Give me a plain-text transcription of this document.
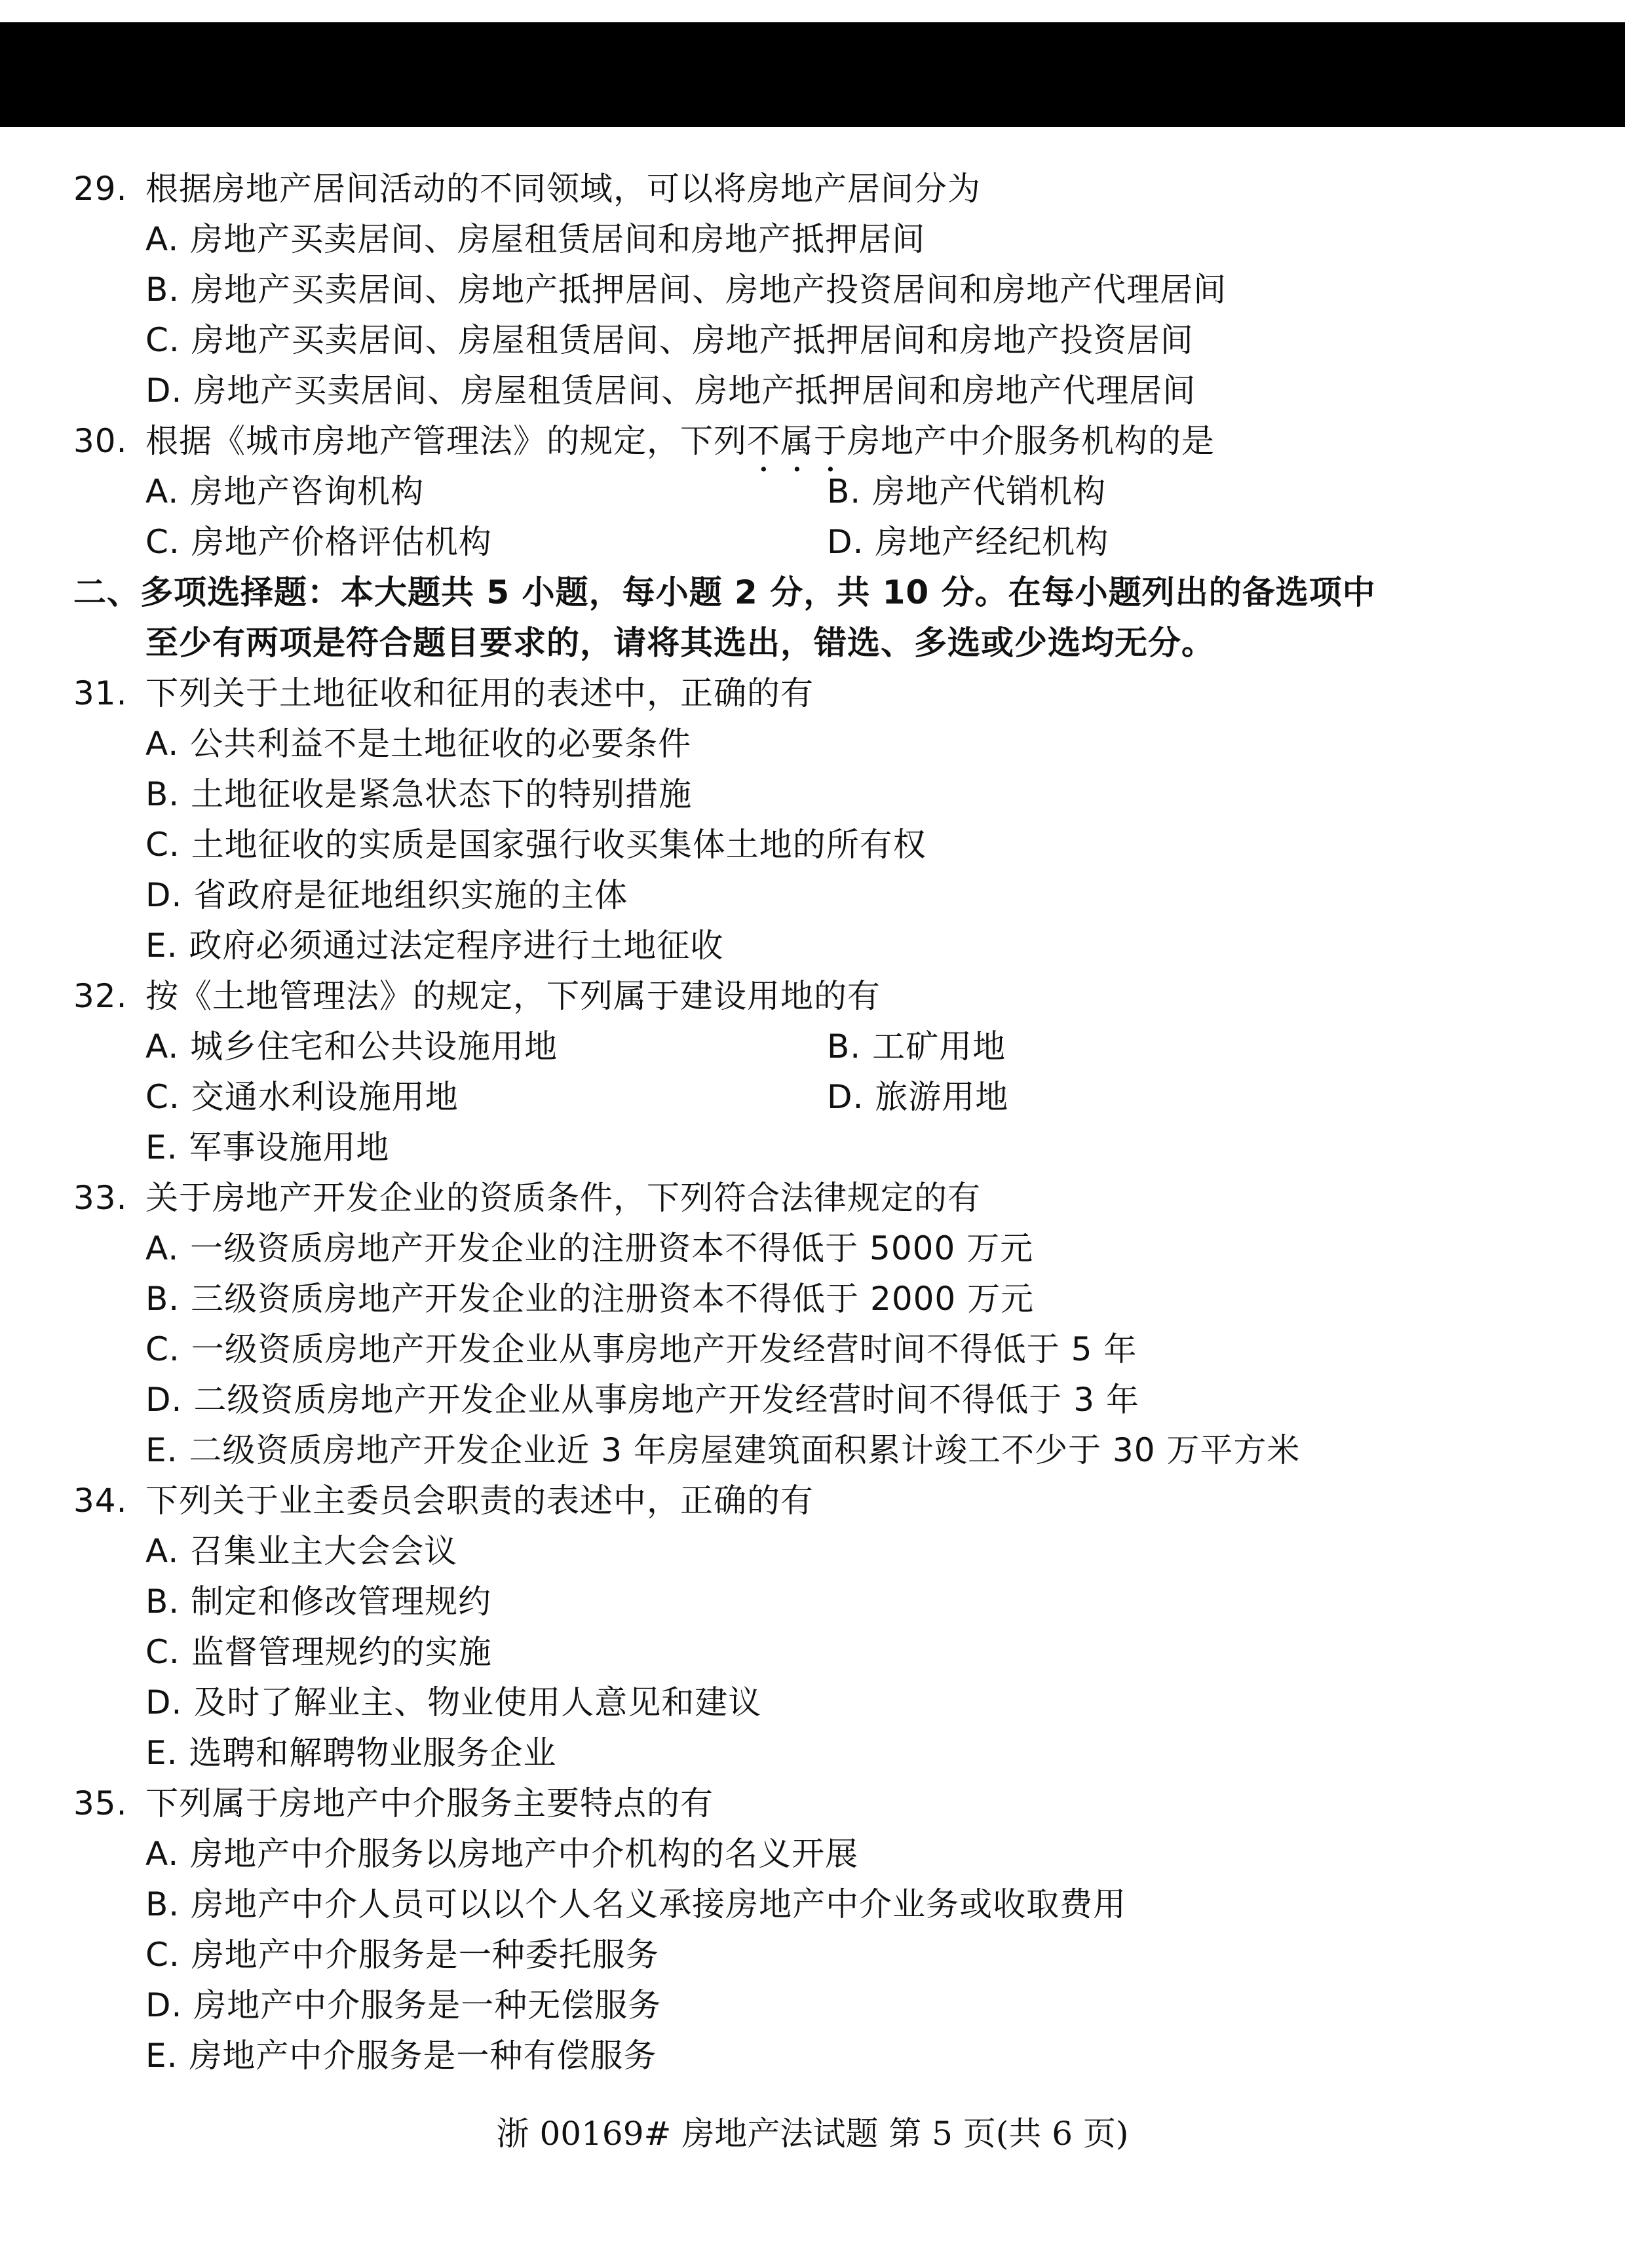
29. 根据房地产居间活动的不同领域，可以将房地产居间分为
A. 房地产买卖居间、房屋租赁居间和房地产抵押居间
B. 房地产买卖居间、房地产抵押居间、房地产投资居间和房地产代理居间
C. 房地产买卖居间、房屋租赁居间、房地产抵押居间和房地产投资居间
D. 房地产买卖居间、房屋租赁居间、房地产抵押居间和房地产代理居间
30. 根据《城市房地产管理法》的规定，下列不属于房地产中介服务机构的是
A. 房地产咨询机构	B. 房地产代销机构
C. 房地产价格评估机构	D. 房地产经纪机构
二、多项选择题：本大题共 5 小题，每小题 2 分，共 10 分。在每小题列出的备选项中
至少有两项是符合题目要求的，请将其选出，错选、多选或少选均无分。
31. 下列关于土地征收和征用的表述中，正确的有
A. 公共利益不是土地征收的必要条件
B. 土地征收是紧急状态下的特别措施
C. 土地征收的实质是国家强行收买集体土地的所有权
D. 省政府是征地组织实施的主体
E. 政府必须通过法定程序进行土地征收
32. 按《土地管理法》的规定，下列属于建设用地的有
A. 城乡住宅和公共设施用地	B. 工矿用地
C. 交通水利设施用地	D. 旅游用地
E. 军事设施用地
33. 关于房地产开发企业的资质条件，下列符合法律规定的有
A. 一级资质房地产开发企业的注册资本不得低于 5000 万元
B. 三级资质房地产开发企业的注册资本不得低于 2000 万元
C. 一级资质房地产开发企业从事房地产开发经营时间不得低于 5 年
D. 二级资质房地产开发企业从事房地产开发经营时间不得低于 3 年
E. 二级资质房地产开发企业近 3 年房屋建筑面积累计竣工不少于 30 万平方米
34. 下列关于业主委员会职责的表述中，正确的有
A. 召集业主大会会议
B. 制定和修改管理规约
C. 监督管理规约的实施
D. 及时了解业主、物业使用人意见和建议
E. 选聘和解聘物业服务企业
35. 下列属于房地产中介服务主要特点的有
A. 房地产中介服务以房地产中介机构的名义开展
B. 房地产中介人员可以以个人名义承接房地产中介业务或收取费用
C. 房地产中介服务是一种委托服务
D. 房地产中介服务是一种无偿服务
E. 房地产中介服务是一种有偿服务
浙 00169# 房地产法试题 第 5 页(共 6 页)
